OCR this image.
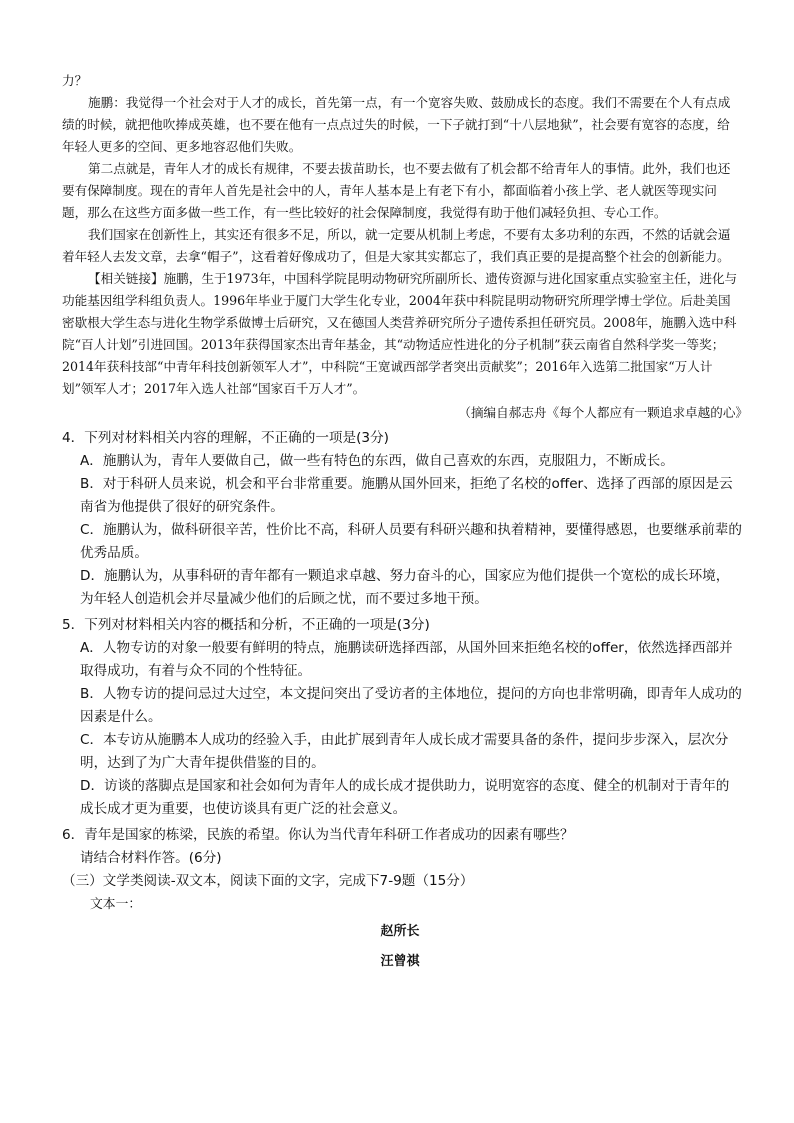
力？

施鹏：我觉得一个社会对于人才的成长，首先第一点，有一个宽容失败、鼓励成长的态度。我们不需要在个人有点成绩的时候，就把他吹捧成英雄，也不要在他有一点点过失的时候，一下子就打到“十八层地狱”，社会要有宽容的态度，给年轻人更多的空间、更多地容忍他们失败。

第二点就是，青年人才的成长有规律，不要去拔苗助长，也不要去做有了机会都不给青年人的事情。此外，我们也还要有保障制度。现在的青年人首先是社会中的人，青年人基本是上有老下有小，都面临着小孩上学、老人就医等现实问题，那么在这些方面多做一些工作，有一些比较好的社会保障制度，我觉得有助于他们减轻负担、专心工作。

我们国家在创新性上，其实还有很多不足，所以，就一定要从机制上考虑，不要有太多功利的东西，不然的话就会逼着年轻人去发文章，去拿“帽子”，这看着好像成功了，但是大家其实都忘了，我们真正要的是提高整个社会的创新能力。

【相关链接】施鹏，生于1973年，中国科学院昆明动物研究所副所长、遗传资源与进化国家重点实验室主任，进化与功能基因组学科组负责人。1996年毕业于厦门大学生化专业，2004年获中科院昆明动物研究所理学博士学位。后赴美国密歇根大学生态与进化生物学系做博士后研究，又在德国人类营养研究所分子遗传系担任研究员。2008年，施鹏入选中科院“百人计划”引进回国。2013年获得国家杰出青年基金，其“动物适应性进化的分子机制”获云南省自然科学奖一等奖；2014年获科技部“中青年科技创新领军人才”，中科院“王宽诚西部学者突出贡献奖”；2016年入选第二批国家“万人计划”领军人才；2017年入选人社部“国家百千万人才”。

（摘编自郝志舟《每个人都应有一颗追求卓越的心》

4．下列对材料相关内容的理解，不正确的一项是(3分)

A．施鹏认为，青年人要做自己，做一些有特色的东西，做自己喜欢的东西，克服阻力，不断成长。

B．对于科研人员来说，机会和平台非常重要。施鹏从国外回来，拒绝了名校的offer、选择了西部的原因是云南省为他提供了很好的研究条件。

C．施鹏认为，做科研很辛苦，性价比不高，科研人员要有科研兴趣和执着精神，要懂得感恩，也要继承前辈的优秀品质。

D．施鹏认为，从事科研的青年都有一颗追求卓越、努力奋斗的心，国家应为他们提供一个宽松的成长环境，为年轻人创造机会并尽量减少他们的后顾之忧，而不要过多地干预。

5．下列对材料相关内容的概括和分析，不正确的一项是(3分)

A．人物专访的对象一般要有鲜明的特点，施鹏读研选择西部，从国外回来拒绝名校的offer，依然选择西部并取得成功，有着与众不同的个性特征。

B．人物专访的提问忌过大过空，本文提问突出了受访者的主体地位，提问的方向也非常明确，即青年人成功的因素是什么。

C．本专访从施鹏本人成功的经验入手，由此扩展到青年人成长成才需要具备的条件，提问步步深入，层次分明，达到了为广大青年提供借鉴的目的。

D．访谈的落脚点是国家和社会如何为青年人的成长成才提供助力，说明宽容的态度、健全的机制对于青年的成长成才更为重要，也使访谈具有更广泛的社会意义。

6．青年是国家的栋梁，民族的希望。你认为当代青年科研工作者成功的因素有哪些？

请结合材料作答。(6分)

（三）文学类阅读-双文本，阅读下面的文字，完成下7-9题（15分）

文本一：

赵所长

汪曾祺
